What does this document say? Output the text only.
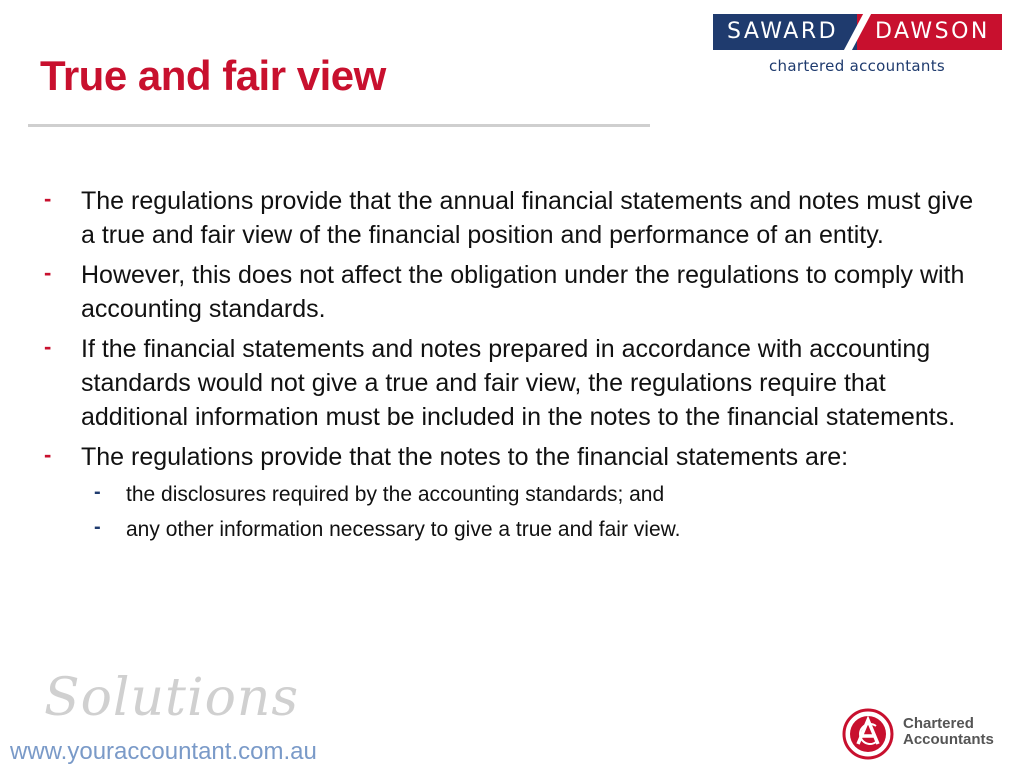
True and fair view
SAWARD DAWSON
chartered accountants
- The regulations provide that the annual financial statements and notes must give a true and fair view of the financial position and performance of an entity.
- However, this does not affect the obligation under the regulations to comply with accounting standards.
- If the financial statements and notes prepared in accordance with accounting standards would not give a true and fair view, the regulations require that additional information must be included in the notes to the financial statements.
- The regulations provide that the notes to the financial statements are:
- the disclosures required by the accounting standards; and
- any other information necessary to give a true and fair view.
Solutions
www.youraccountant.com.au
Chartered
Accountants
